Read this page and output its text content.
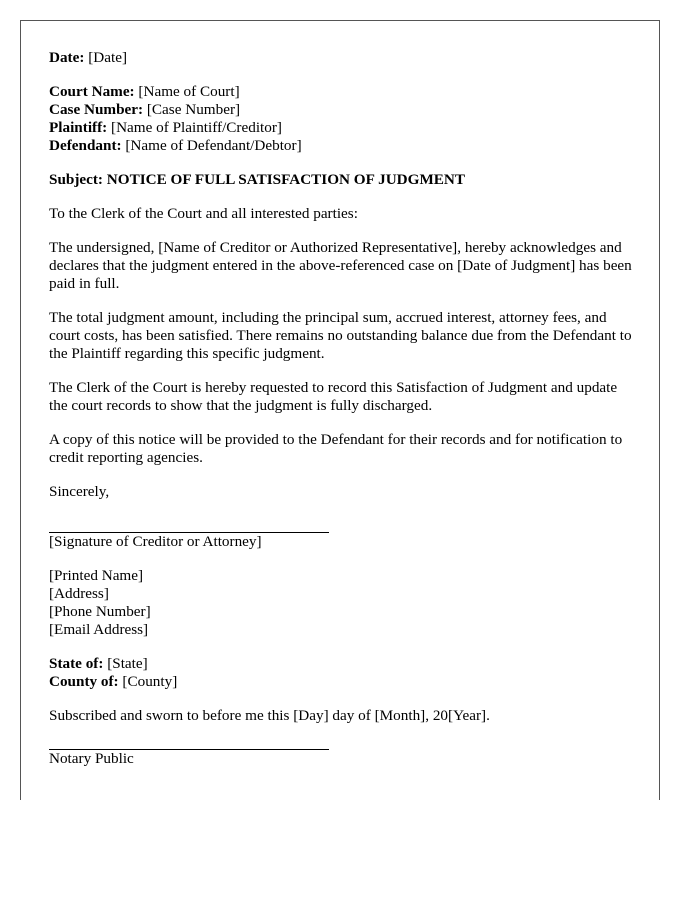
Date: [Date]
Court Name: [Name of Court]
Case Number: [Case Number]
Plaintiff: [Name of Plaintiff/Creditor]
Defendant: [Name of Defendant/Debtor]
Subject: NOTICE OF FULL SATISFACTION OF JUDGMENT
To the Clerk of the Court and all interested parties:
The undersigned, [Name of Creditor or Authorized Representative], hereby acknowledges and declares that the judgment entered in the above-referenced case on [Date of Judgment] has been paid in full.
The total judgment amount, including the principal sum, accrued interest, attorney fees, and court costs, has been satisfied. There remains no outstanding balance due from the Defendant to the Plaintiff regarding this specific judgment.
The Clerk of the Court is hereby requested to record this Satisfaction of Judgment and update the court records to show that the judgment is fully discharged.
A copy of this notice will be provided to the Defendant for their records and for notification to credit reporting agencies.
Sincerely,
[Signature of Creditor or Attorney]
[Printed Name]
[Address]
[Phone Number]
[Email Address]
State of: [State]
County of: [County]
Subscribed and sworn to before me this [Day] day of [Month], 20[Year].
Notary Public
